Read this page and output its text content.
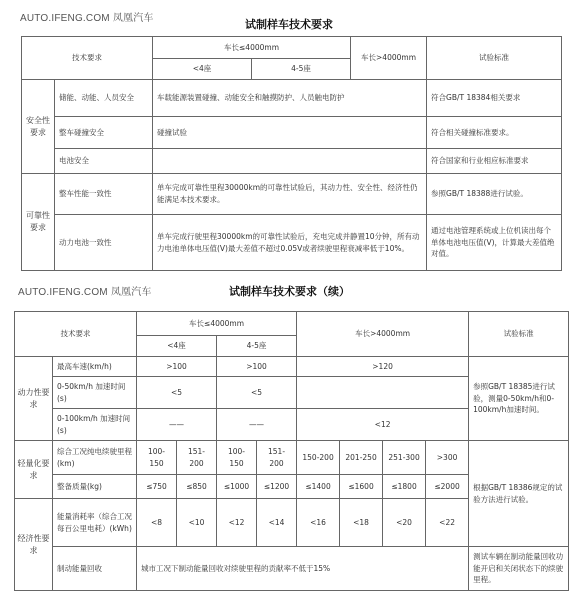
AUTO.IFENG.COM 凤凰汽车	试制样车技术要求
技术要求		车长≤4000mm		车长>4000mm	试验标准
		<4座	4-5座		
安全性要求	储能、动能、人员安全	车载能源装置碰撞、动能安全和触摸防护、人员触电防护			符合GB/T 18384相关要求
	整车碰撞安全	碰撞试验			符合相关碰撞标准要求。
	电池安全				符合国家和行业相应标准要求
可靠性要求	整车性能一致性	单车完成可靠性里程30000km的可靠性试验后，其动力性、安全性、经济性仍能满足本技术要求。			参照GB/T 18388进行试验。
	动力电池一致性	单车完成行驶里程30000km的可靠性试验后，充电完成并静置10分钟，所有动力电池单体电压值(V)最大差值不超过0.05V或者续驶里程衰减率低于10%。			通过电池管理系统或上位机读出每个单体电池电压值(V)，计算最大差值绝对值。
AUTO.IFENG.COM 凤凰汽车	试制样车技术要求（续）
技术要求		车长≤4000mm				车长>4000mm				试验标准
		<4座		4-5座						
动力性要求	最高车速(km/h)	>100		>100		>120				参照GB/T 18385进行试验，测量0-50km/h和0-100km/h加速时间。
	0-50km/h 加速时间(s)	<5		<5						
	0-100km/h 加速时间(s)	——		——		<12				
轻量化要求	综合工况纯电续驶里程(km)	100-150	151-200	100-150	151-200	150-200	201-250	251-300	>300	根据GB/T 18386规定的试验方法进行试验。
	整备质量(kg)	≤750	≤850	≤1000	≤1200	≤1400	≤1600	≤1800	≤2000	
经济性要求	能量消耗率（综合工况每百公里电耗）(kWh)	<8	<10	<12	<14	<16	<18	<20	<22	
	制动能量回收	城市工况下制动能量回收对续驶里程的贡献率不低于15%								测试车辆在制动能量回收功能开启和关闭状态下的续驶里程。
